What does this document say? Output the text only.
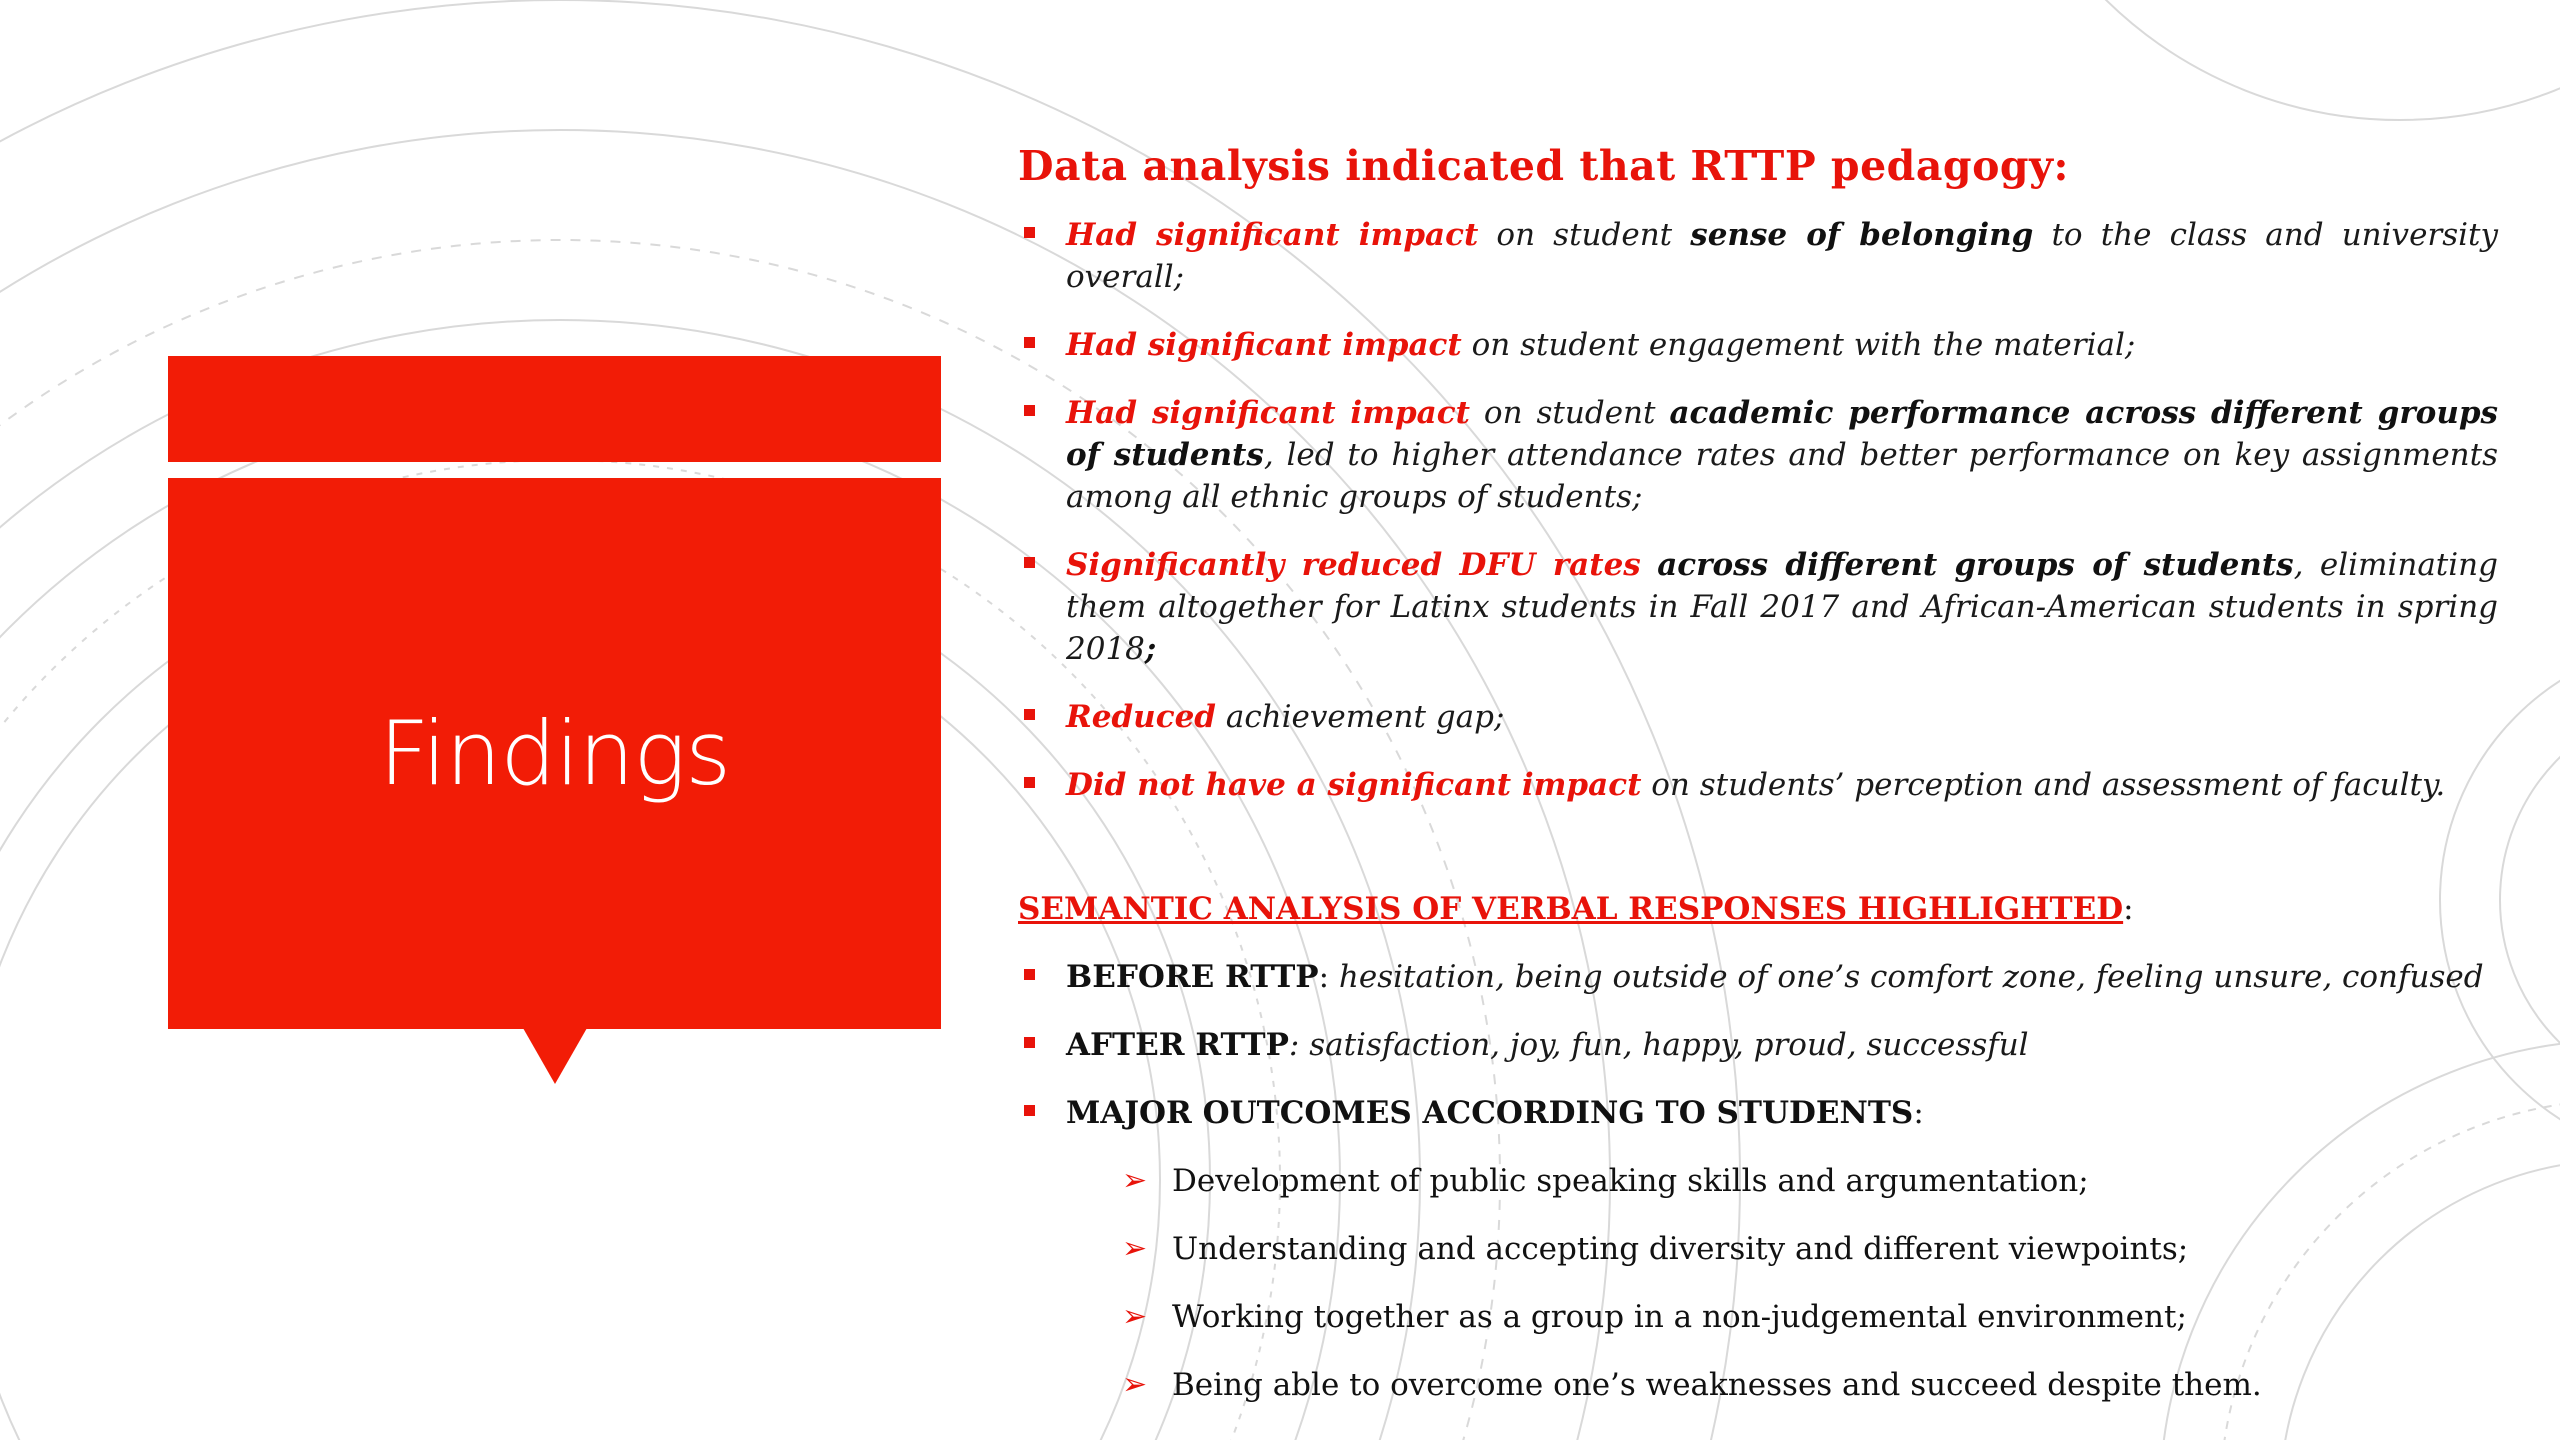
Findings
Data analysis indicated that RTTP pedagogy:
Had significant impact on student sense of belonging to the class and university overall;
Had significant impact on student engagement with the material;
Had significant impact on student academic performance across different groups of students, led to higher attendance rates and better performance on key assignments among all ethnic groups of students;
Significantly reduced DFU rates across different groups of students, eliminating them altogether for Latinx students in Fall 2017 and African-American students in spring 2018;
Reduced achievement gap;
Did not have a significant impact on students’ perception and assessment of faculty.
SEMANTIC ANALYSIS OF VERBAL RESPONSES HIGHLIGHTED:
BEFORE RTTP: hesitation, being outside of one’s comfort zone, feeling unsure, confused
AFTER RTTP: satisfaction, joy, fun, happy, proud, successful
MAJOR OUTCOMES ACCORDING TO STUDENTS:
➢ Development of public speaking skills and argumentation;
➢ Understanding and accepting diversity and different viewpoints;
➢ Working together as a group in a non-judgemental environment;
➢ Being able to overcome one’s weaknesses and succeed despite them.
